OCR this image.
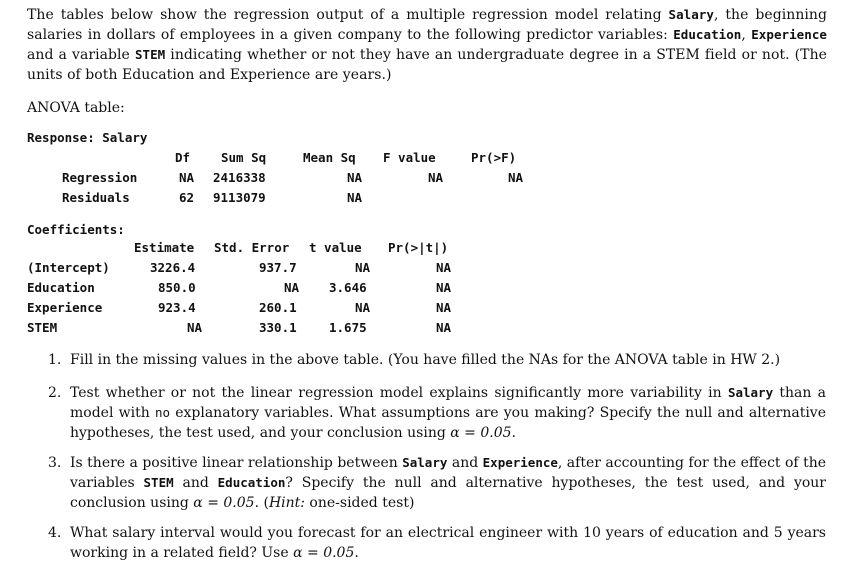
The tables below show the regression output of a multiple regression model relating Salary, the beginning salaries in dollars of employees in a given company to the following predictor variables: Education, Experience and a variable STEM indicating whether or not they have an undergraduate degree in a STEM field or not. (The units of both Education and Experience are years.)
ANOVA table:
Response: Salary
Df Sum Sq	Mean Sq F value	Pr(>F)
Regression	NA 2416338	NA	NA	NA
Residuals	62 9113079	NA
Coefficients:
Estimate Std. Error t value Pr(>|t|)
(Intercept)	3226.4	937.7	NA	NA
Education	850.0	NA 3.646	NA
Experience	923.4	260.1	NA	NA
STEM	NA	330.1	1.675	NA
1. Fill in the missing values in the above table. (You have filled the NAs for the ANOVA table in HW 2.)
2. Test whether or not the linear regression model explains significantly more variability in Salary than a model with no explanatory variables. What assumptions are you making? Specify the null and alternative hypotheses, the test used, and your conclusion using α = 0.05.
3. Is there a positive linear relationship between Salary and Experience, after accounting for the effect of the variables STEM and Education? Specify the null and alternative hypotheses, the test used, and your conclusion using α = 0.05. (Hint: one-sided test)
4. What salary interval would you forecast for an electrical engineer with 10 years of education and 5 years working in a related field? Use α = 0.05.
